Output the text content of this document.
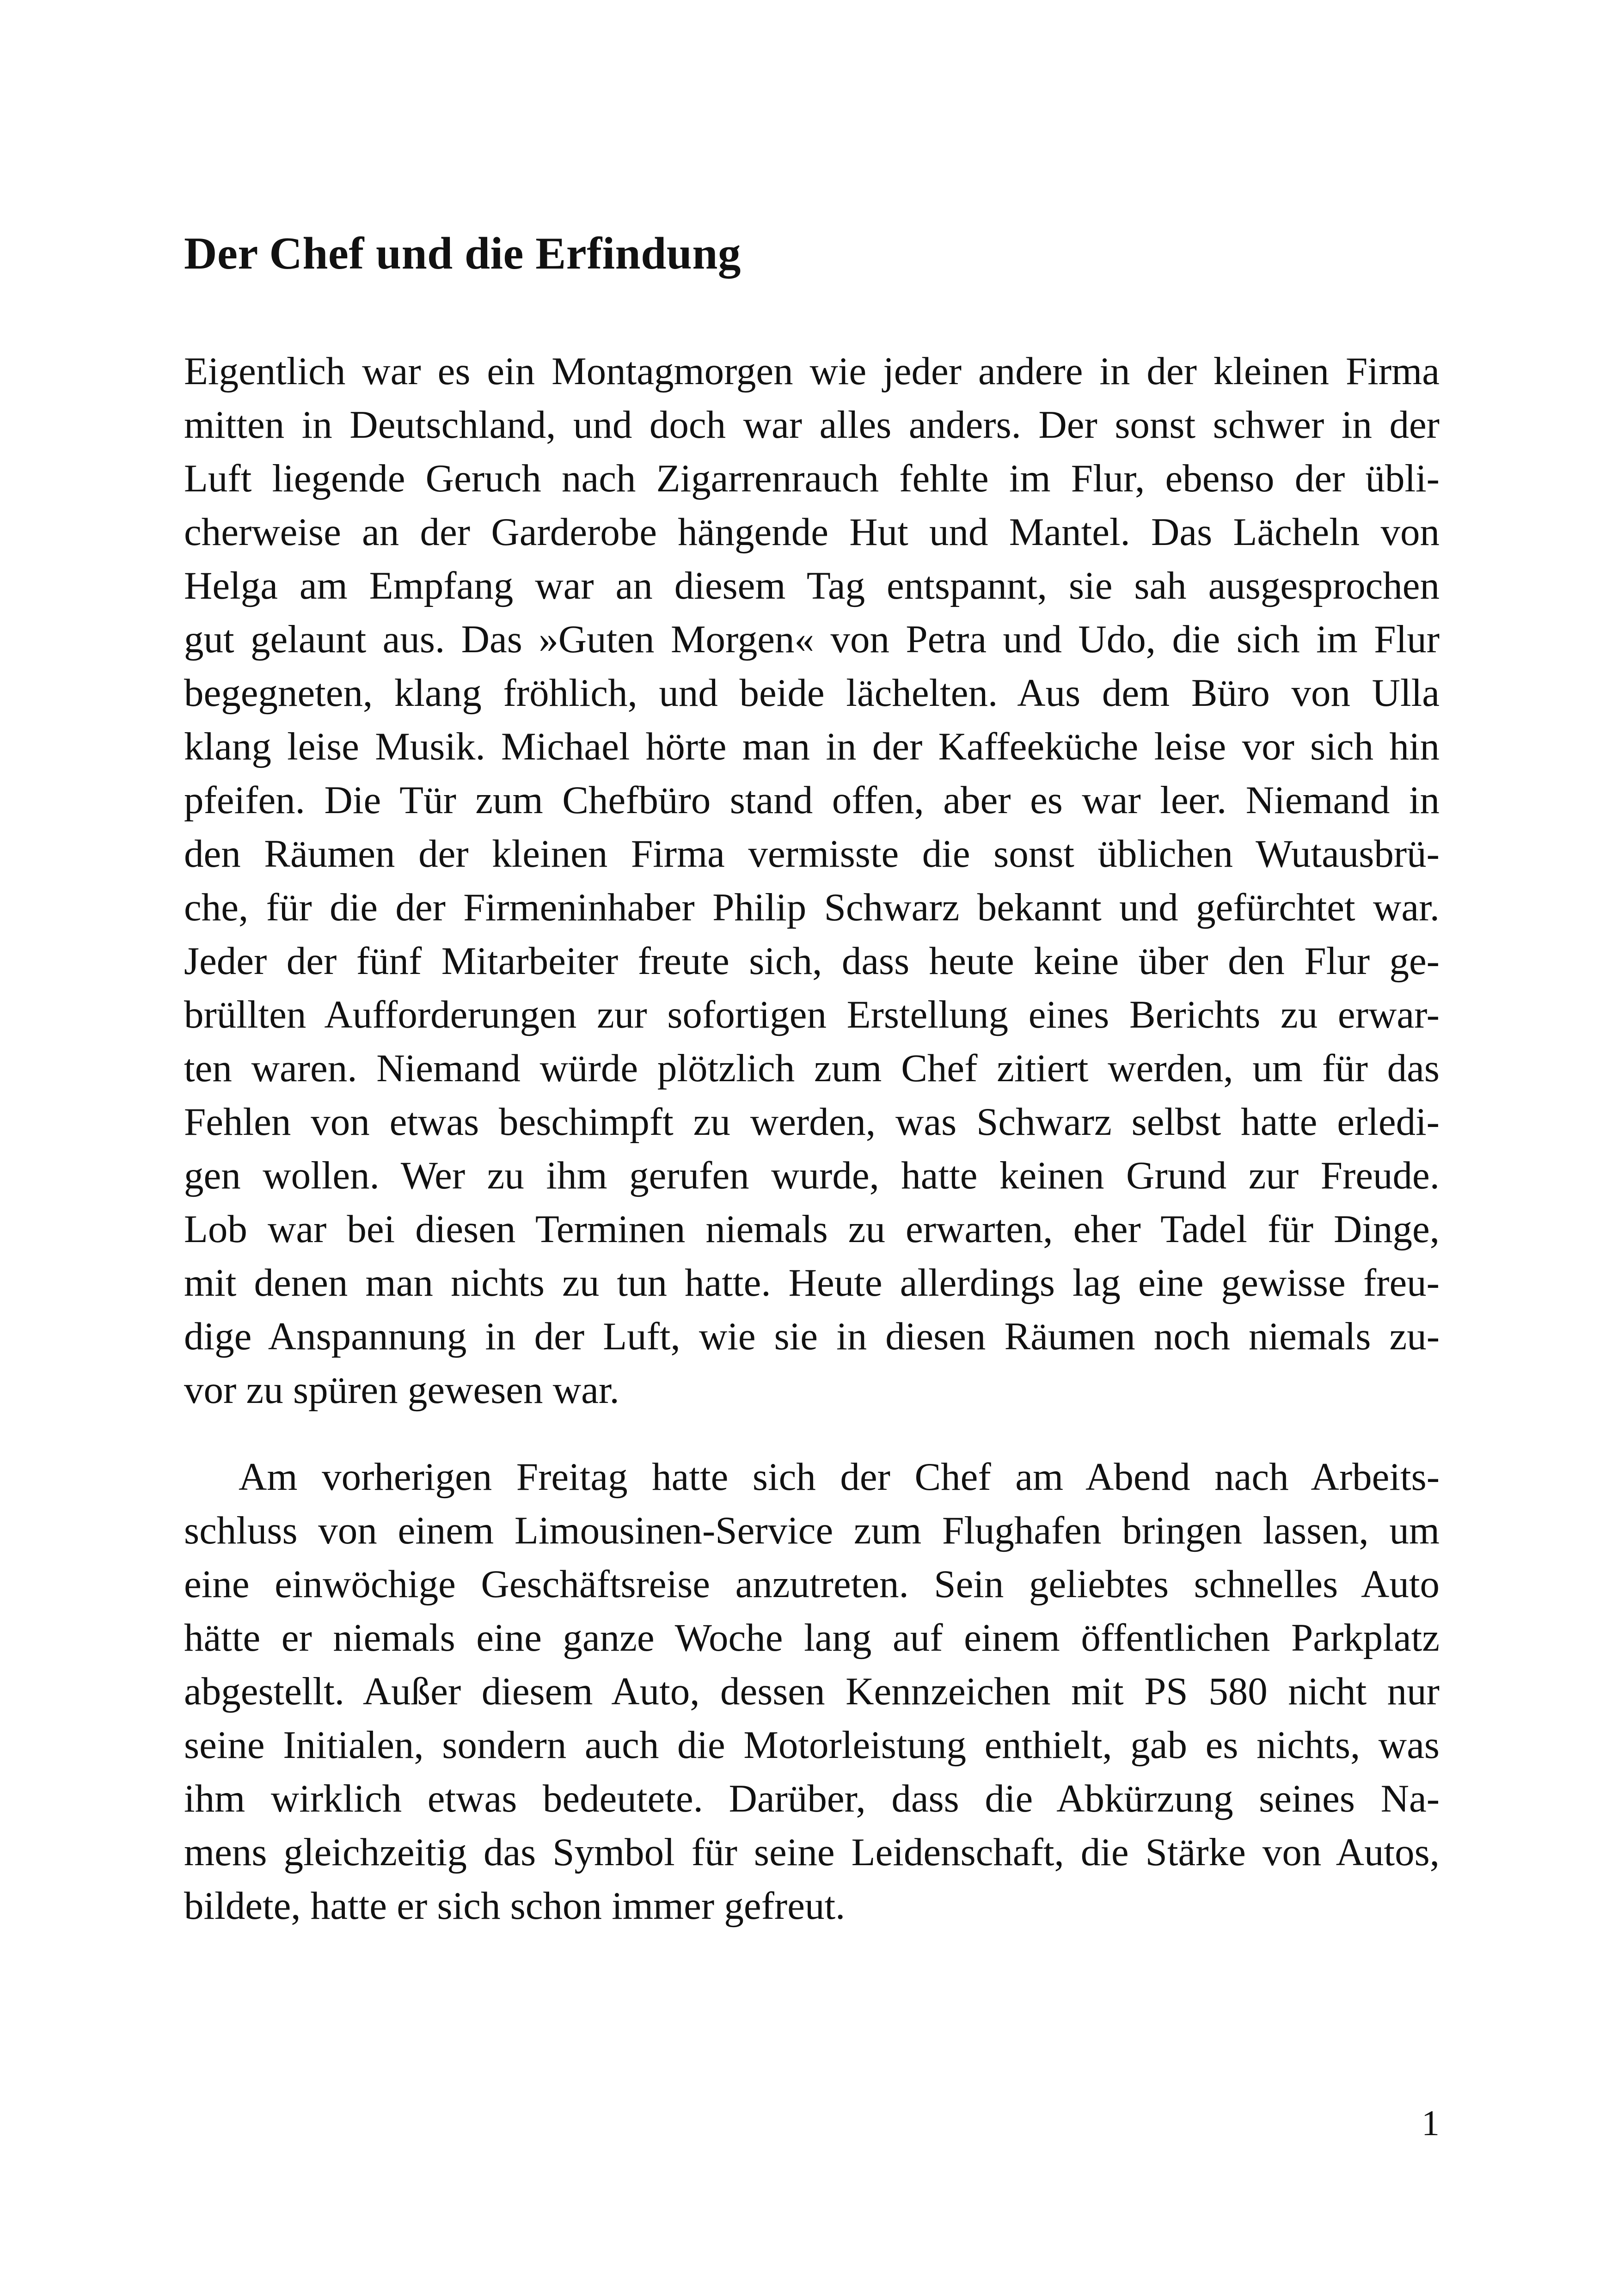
Der Chef und die Erfindung

Eigentlich war es ein Montagmorgen wie jeder andere in der kleinen Firma

mitten in Deutschland, und doch war alles anders. Der sonst schwer in der

Luft liegende Geruch nach Zigarrenrauch fehlte im Flur, ebenso der übli-

cherweise an der Garderobe hängende Hut und Mantel. Das Lächeln von

Helga am Empfang war an diesem Tag entspannt, sie sah ausgesprochen

gut gelaunt aus. Das »Guten Morgen« von Petra und Udo, die sich im Flur

begegneten, klang fröhlich, und beide lächelten. Aus dem Büro von Ulla

klang leise Musik. Michael hörte man in der Kaffeeküche leise vor sich hin

pfeifen. Die Tür zum Chefbüro stand offen, aber es war leer. Niemand in

den Räumen der kleinen Firma vermisste die sonst üblichen Wutausbrü-

che, für die der Firmeninhaber Philip Schwarz bekannt und gefürchtet war.

Jeder der fünf Mitarbeiter freute sich, dass heute keine über den Flur ge-

brüllten Aufforderungen zur sofortigen Erstellung eines Berichts zu erwar-

ten waren. Niemand würde plötzlich zum Chef zitiert werden, um für das

Fehlen von etwas beschimpft zu werden, was Schwarz selbst hatte erledi-

gen wollen. Wer zu ihm gerufen wurde, hatte keinen Grund zur Freude.

Lob war bei diesen Terminen niemals zu erwarten, eher Tadel für Dinge,

mit denen man nichts zu tun hatte. Heute allerdings lag eine gewisse freu-

dige Anspannung in der Luft, wie sie in diesen Räumen noch niemals zu-

vor zu spüren gewesen war.

Am vorherigen Freitag hatte sich der Chef am Abend nach Arbeits-

schluss von einem Limousinen-Service zum Flughafen bringen lassen, um

eine einwöchige Geschäftsreise anzutreten. Sein geliebtes schnelles Auto

hätte er niemals eine ganze Woche lang auf einem öffentlichen Parkplatz

abgestellt. Außer diesem Auto, dessen Kennzeichen mit PS 580 nicht nur

seine Initialen, sondern auch die Motorleistung enthielt, gab es nichts, was

ihm wirklich etwas bedeutete. Darüber, dass die Abkürzung seines Na-

mens gleichzeitig das Symbol für seine Leidenschaft, die Stärke von Autos,

bildete, hatte er sich schon immer gefreut.

1
